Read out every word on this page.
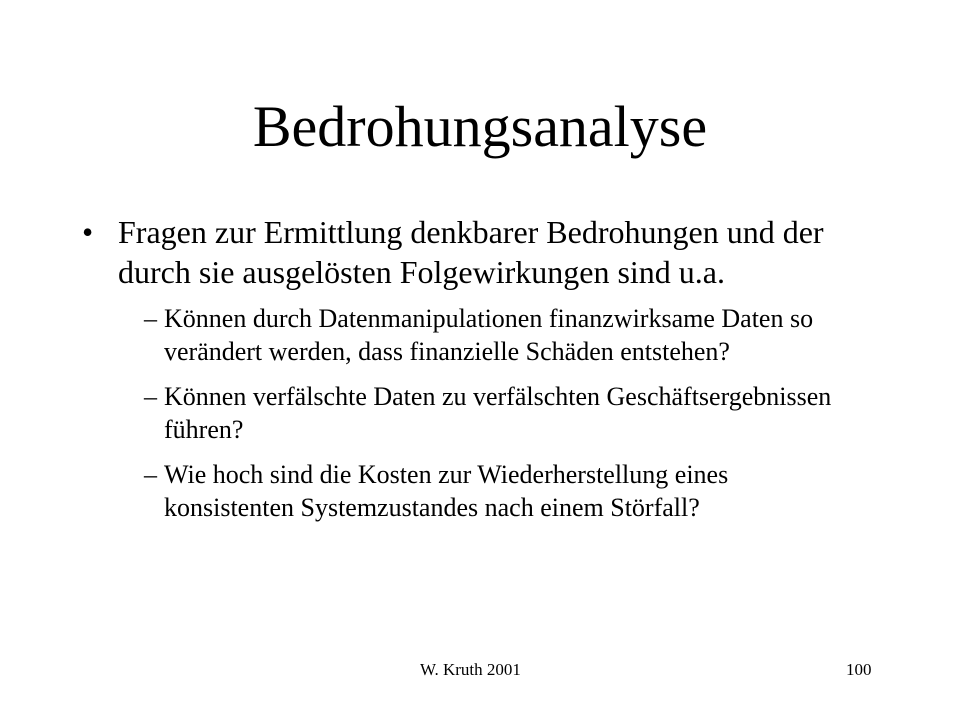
Bedrohungsanalyse
• Fragen zur Ermittlung denkbarer Bedrohungen und der durch sie ausgelösten Folgewirkungen sind u.a.
– Können durch Datenmanipulationen finanzwirksame Daten so verändert werden, dass finanzielle Schäden entstehen?
– Können verfälschte Daten zu verfälschten Geschäftsergebnissen führen?
– Wie hoch sind die Kosten zur Wiederherstellung eines konsistenten Systemzustandes nach einem Störfall?
W. Kruth 2001	100
